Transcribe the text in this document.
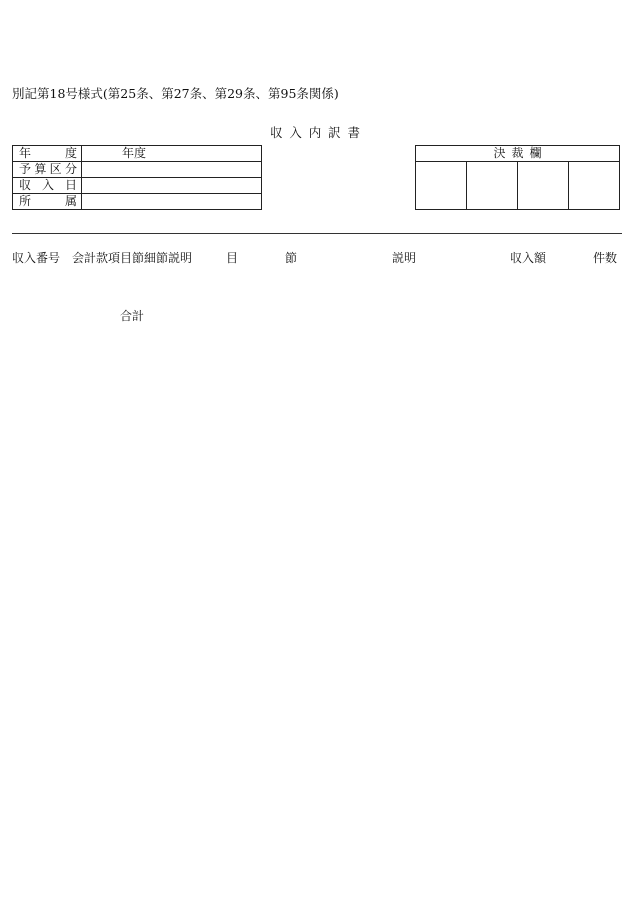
別記第18号様式(第25条、第27条、第29条、第95条関係)
収入内訳書
年度	年度
予算区分	
収入日	
所属	
決裁欄

収入番号 会計款項目節細節説明	目	節	説明	収入額	件数
合計
